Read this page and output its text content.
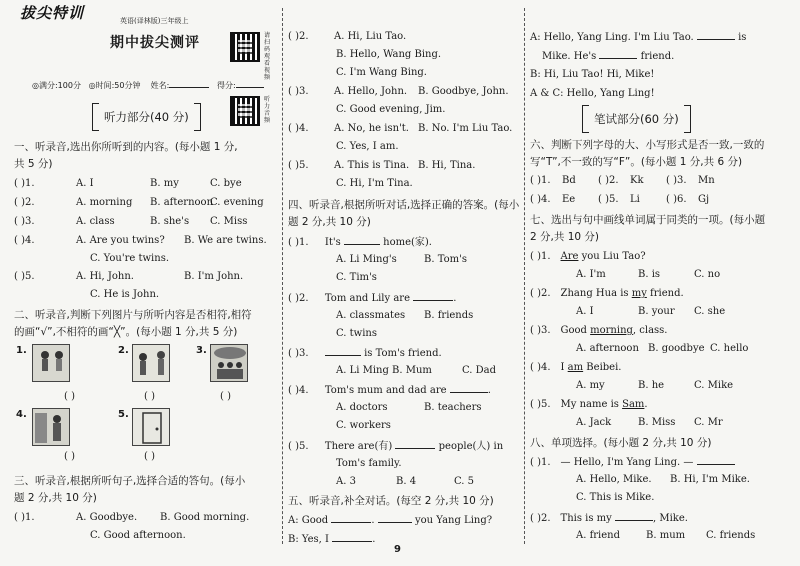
拔尖特训	英语(译林版)三年级上
期中拔尖测评	请扫码观看视频
◎满分:100分 ◎时间:50分钟 姓名:	得分:
听力音频
听力部分(40 分)
一、听录音,选出你所听到的内容。(每小题 1 分,
共 5 分)
( )1.	A. I	B. my	C. bye
( )2.	A. morning B. afternoon
C. evening
( )3.	A. class	B. she's C. Miss
( )4.	A. Are you twins? B. We are twins.
C. You're twins.
( )5.	A. Hi, John.	B. I'm John.
C. He is John.
二、听录音,判断下列图片与所听内容是否相符,相符
的画“√”,不相符的画“╳”。(每小题 1 分,共 5 分)
1.	2.	3.
( )	( )	( )
4.	5.
( )	( )
三、听录音,根据所听句子,选择合适的答句。(每小
题 2 分,共 10 分)
( )1.	A. Goodbye. B. Good morning.
C. Good afternoon.
( )2.	A. Hi, Liu Tao.
B. Hello, Wang Bing.
C. I'm Wang Bing.
( )3.	A. Hello, John. B. Goodbye, John.
C. Good evening, Jim.
( )4.	A. No, he isn't. B. No. I'm Liu Tao.
C. Yes, I am.
( )5.	A. This is Tina. B. Hi, Tina.
C. Hi, I'm Tina.
四、听录音,根据所听对话,选择正确的答案。(每小
题 2 分,共 10 分)
( )1. It's	home(家).
A. Li Ming's	B. Tom's
C. Tim's
( )2. Tom and Lily are	.
A. classmates B. friends
C. twins
( )3.	is Tom's friend.
A. Li Ming B. Mum	C. Dad
( )4. Tom's mum and dad are	.
A. doctors	B. teachers
C. workers
( )5. There are(有)	people(人) in
Tom's family.
A. 3	B. 4	C. 5
五、听录音,补全对话。(每空 2 分,共 10 分)
A: Good	.	you Yang Ling?
B: Yes, I	.
A: Hello, Yang Ling. I'm Liu Tao.	is
Mike. He's	friend.
B: Hi, Liu Tao! Hi, Mike!
A & C: Hello, Yang Ling!
笔试部分(60 分)
六、判断下列字母的大、小写形式是否一致,一致的
写“T”,不一致的写“F”。(每小题 1 分,共 6 分)
( )1. Bd ( )2. Kk ( )3. Mn
( )4. Ee ( )5. Li	( )6. Gj
七、选出与句中画线单词属于同类的一项。(每小题
2 分,共 10 分)
( )1. Are you Liu Tao?
A. I'm	B. is	C. no
( )2. Zhang Hua is my friend.
A. I	B. your C. she
( )3. Good morning, class.
A. afternoon B. goodbye C. hello
( )4. I am Beibei.
A. my	B. he	C. Mike
( )5. My name is Sam.
A. Jack	B. Miss C. Mr
八、单项选择。(每小题 2 分,共 10 分)
( )1. — Hello, I'm Yang Ling. —
A. Hello, Mike. B. Hi, I'm Mike.
C. This is Mike.
( )2. This is my	, Mike.
A. friend	B. mum C. friends
9
